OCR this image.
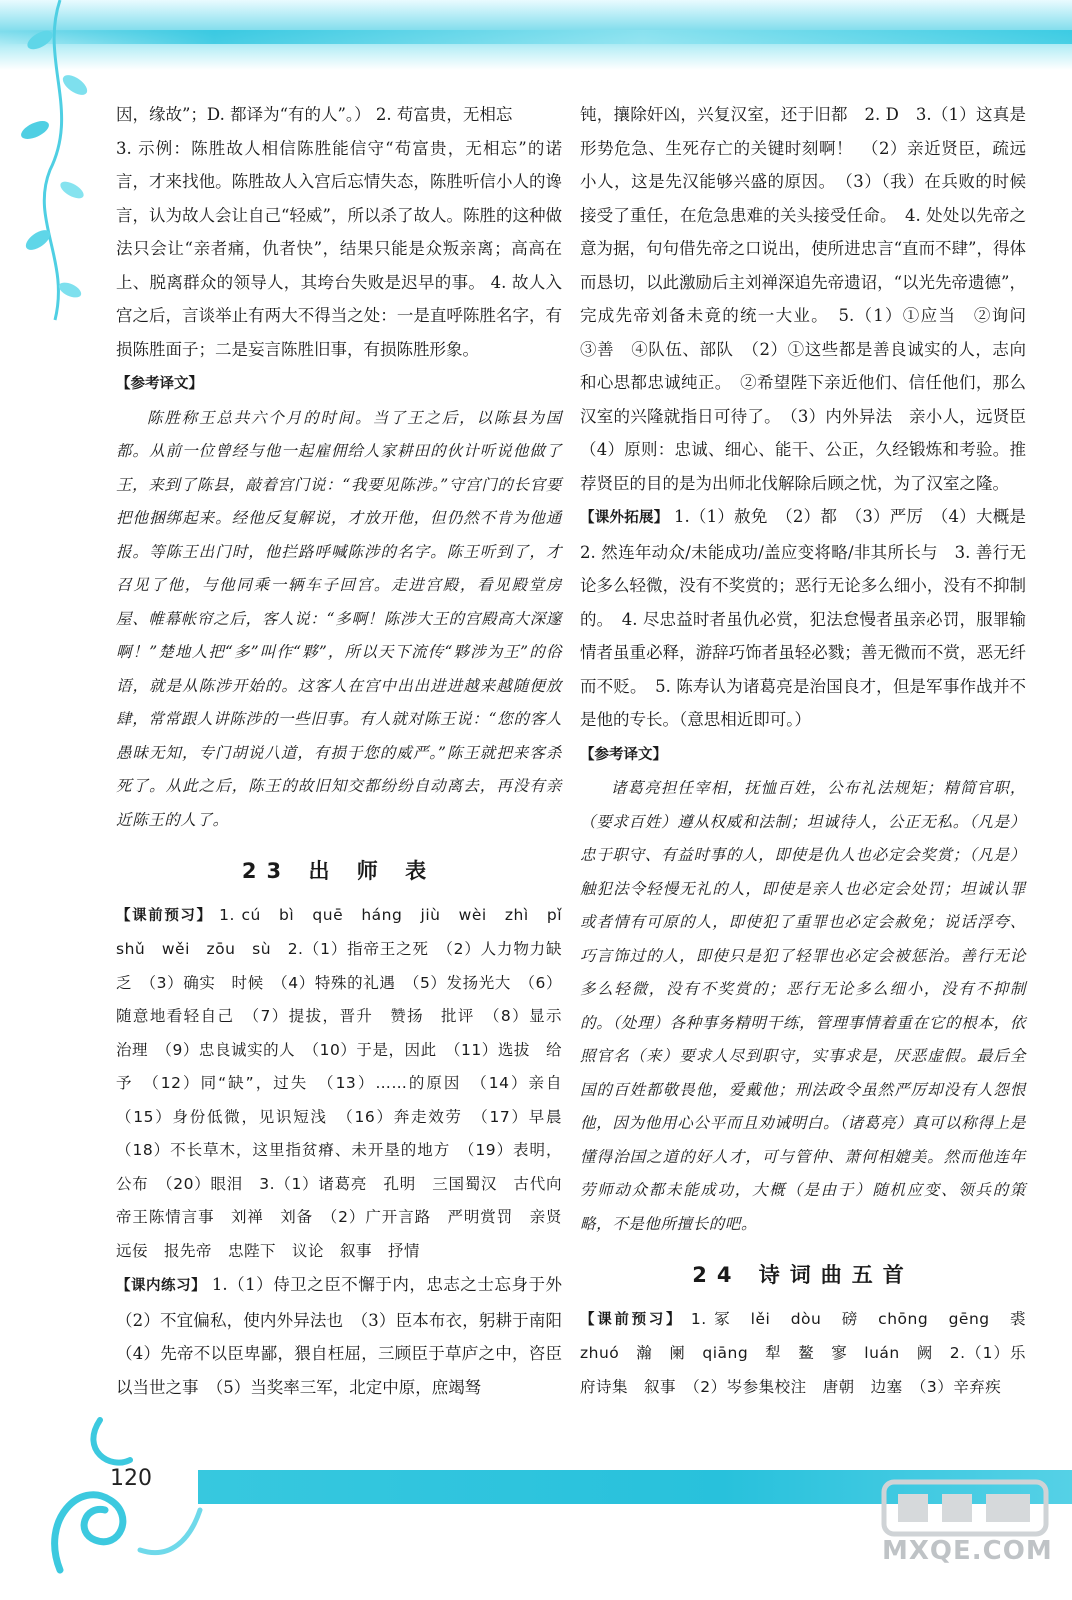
120
MXQE.COM

因，缘故”；D. 都译为“有的人”。） 2. 苟富贵，无相忘

3. 示例：陈胜故人相信陈胜能信守“苟富贵，无相忘”的诺言，才来找他。陈胜故人入宫后忘情失态，陈胜听信小人的谗言，认为故人会让自己“轻威”，所以杀了故人。陈胜的这种做法只会让“亲者痛，仇者快”，结果只能是众叛亲离；高高在上、脱离群众的领导人，其垮台失败是迟早的事。 4. 故人入宫之后，言谈举止有两大不得当之处：一是直呼陈胜名字，有损陈胜面子；二是妄言陈胜旧事，有损陈胜形象。

【参考译文】

陈胜称王总共六个月的时间。当了王之后，以陈县为国都。从前一位曾经与他一起雇佣给人家耕田的伙计听说他做了王，来到了陈县，敲着宫门说：“我要见陈涉。”守宫门的长官要把他捆绑起来。经他反复解说，才放开他，但仍然不肯为他通报。等陈王出门时，他拦路呼喊陈涉的名字。陈王听到了，才召见了他，与他同乘一辆车子回宫。走进宫殿，看见殿堂房屋、帷幕帐帘之后，客人说：“多啊！陈涉大王的宫殿高大深邃啊！”楚地人把“多”叫作“夥”，所以天下流传“夥涉为王”的俗语，就是从陈涉开始的。这客人在宫中出出进进越来越随便放肆，常常跟人讲陈涉的一些旧事。有人就对陈王说：“您的客人愚昧无知，专门胡说八道，有损于您的威严。”陈王就把来客杀死了。从此之后，陈王的故旧知交都纷纷自动离去，再没有亲近陈王的人了。

23 出 师 表

【课前预习】 1. cú　bì　quē　háng　jiù　wèi　zhì　pǐ　shǔ　wěi　zōu　sù　2.（1）指帝王之死　（2）人力物力缺乏　（3）确实　时候　（4）特殊的礼遇　（5）发扬光大　（6）随意地看轻自己　（7）提拔，晋升　赞扬　批评　（8）显示　治理　（9）忠良诚实的人　（10）于是，因此　（11）选拔　给予　（12）同“缺”，过失　（13）……的原因　（14）亲自　（15）身份低微，见识短浅　（16）奔走效劳　（17）早晨　（18）不长草木，这里指贫瘠、未开垦的地方　（19）表明，公布　（20）眼泪　3.（1）诸葛亮　孔明　三国蜀汉　古代向帝王陈情言事　刘禅　刘备　（2）广开言路　严明赏罚　亲贤远佞　报先帝　忠陛下　议论　叙事　抒情

【课内练习】 1.（1）侍卫之臣不懈于内，忠志之士忘身于外　（2）不宜偏私，使内外异法也　（3）臣本布衣，躬耕于南阳　（4）先帝不以臣卑鄙，猥自枉屈，三顾臣于草庐之中，咨臣以当世之事　（5）当奖率三军，北定中原，庶竭驽

钝，攘除奸凶，兴复汉室，还于旧都　2. D　3.（1）这真是形势危急、生死存亡的关键时刻啊！　（2）亲近贤臣，疏远小人，这是先汉能够兴盛的原因。　（3）（我）在兵败的时候接受了重任，在危急患难的关头接受任命。　4. 处处以先帝之意为据，句句借先帝之口说出，使所进忠言“直而不肆”，得体而恳切，以此激励后主刘禅深追先帝遗诏，“以光先帝遗德”，完成先帝刘备未竟的统一大业。　5.（1）①应当　②询问　③善　④队伍、部队　（2）①这些都是善良诚实的人，志向和心思都忠诚纯正。　②希望陛下亲近他们、信任他们，那么汉室的兴隆就指日可待了。　（3）内外异法　亲小人，远贤臣　（4）原则：忠诚、细心、能干、公正，久经锻炼和考验。推荐贤臣的目的是为出师北伐解除后顾之忧，为了汉室之隆。

【课外拓展】 1.（1）赦免　（2）都　（3）严厉　（4）大概是　2. 然连年动众/未能成功/盖应变将略/非其所长与　3. 善行无论多么轻微，没有不奖赏的；恶行无论多么细小，没有不抑制的。　4. 尽忠益时者虽仇必赏，犯法怠慢者虽亲必罚，服罪输情者虽重必释，游辞巧饰者虽轻必戮；善无微而不赏，恶无纤而不贬。　5. 陈寿认为诸葛亮是治国良才，但是军事作战并不是他的专长。（意思相近即可。）

【参考译文】

诸葛亮担任宰相，抚恤百姓，公布礼法规矩；精简官职，（要求百姓）遵从权威和法制；坦诚待人，公正无私。（凡是）忠于职守、有益时事的人，即使是仇人也必定会奖赏；（凡是）触犯法令轻慢无礼的人，即使是亲人也必定会处罚；坦诚认罪或者情有可原的人，即使犯了重罪也必定会赦免；说话浮夸、巧言饰过的人，即使只是犯了轻罪也必定会被惩治。善行无论多么轻微，没有不奖赏的；恶行无论多么细小，没有不抑制的。（处理）各种事务精明干练，管理事情着重在它的根本，依照官名（来）要求人尽到职守，实事求是，厌恶虚假。最后全国的百姓都敬畏他，爱戴他；刑法政令虽然严厉却没有人怨恨他，因为他用心公平而且劝诫明白。（诸葛亮）真可以称得上是懂得治国之道的好人才，可与管仲、萧何相媲美。然而他连年劳师动众都未能成功，大概（是由于）随机应变、领兵的策略，不是他所擅长的吧。

24 诗词曲五首

【课前预习】 1. 冢　lěi　dòu　磅　chōng　gēng　裘　zhuó　瀚　阑　qiāng　犁　鳌　寥　luán　阙　2.（1）乐府诗集　叙事　（2）岑参集校注　唐朝　边塞　（3）辛弃疾
